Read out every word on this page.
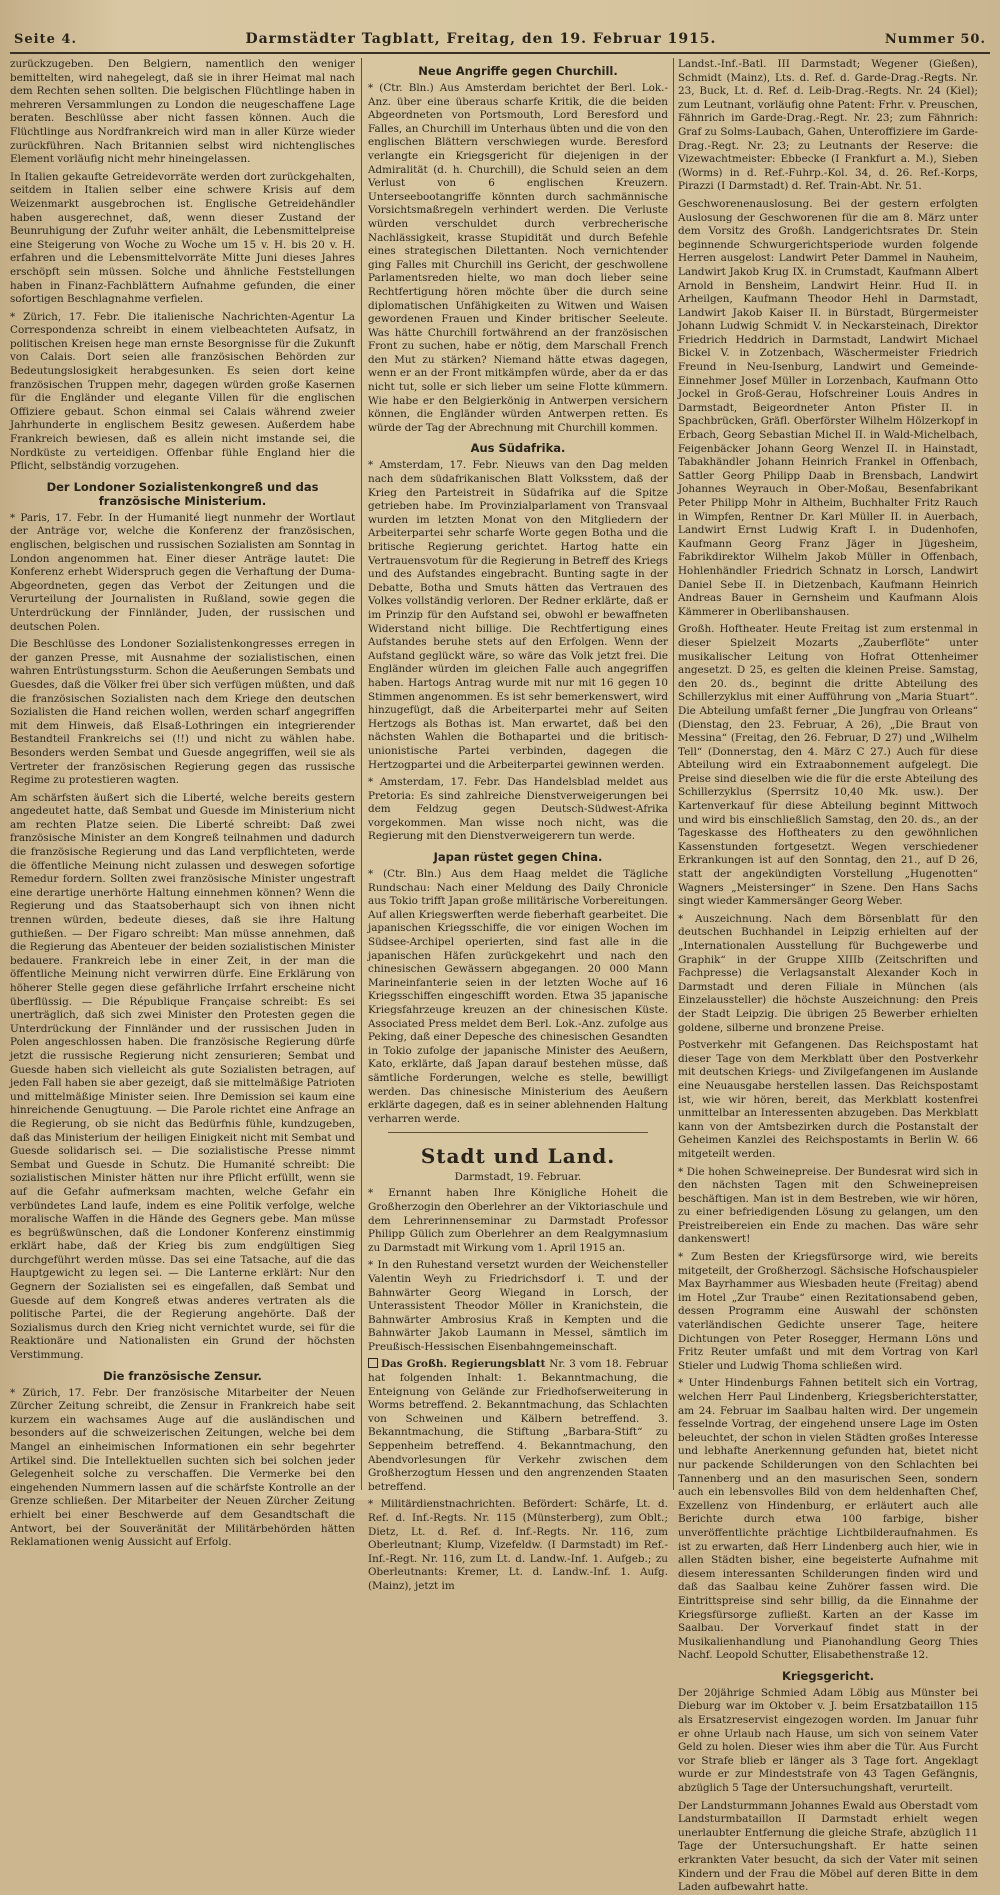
Seite 4.	Darmstädter Tagblatt, Freitag, den 19. Februar 1915.	Nummer 50.

zurückzugeben. Den Belgiern, namentlich den weniger bemittelten, wird nahegelegt, daß sie in ihrer Heimat mal nach dem Rechten sehen sollten. Die belgischen Flüchtlinge haben in mehreren Versammlungen zu London die neugeschaffene Lage beraten. Beschlüsse aber nicht fassen können. Auch die Flüchtlinge aus Nordfrankreich wird man in aller Kürze wieder zurückführen. Nach Britannien selbst wird nichtenglisches Element vorläufig nicht mehr hineingelassen.

In Italien gekaufte Getreidevorräte werden dort zurückgehalten, seitdem in Italien selber eine schwere Krisis auf dem Weizenmarkt ausgebrochen ist. Englische Getreidehändler haben ausgerechnet, daß, wenn dieser Zustand der Beunruhigung der Zufuhr weiter anhält, die Lebensmittelpreise eine Steigerung von Woche zu Woche um 15 v. H. bis 20 v. H. erfahren und die Lebensmittelvorräte Mitte Juni dieses Jahres erschöpft sein müssen. Solche und ähnliche Feststellungen haben in Finanz-Fachblättern Aufnahme gefunden, die einer sofortigen Beschlagnahme verfielen.

* Zürich, 17. Febr. Die italienische Nachrichten-Agentur La Correspondenza schreibt in einem vielbeachteten Aufsatz, in politischen Kreisen hege man ernste Besorgnisse für die Zukunft von Calais. Dort seien alle französischen Behörden zur Bedeutungslosigkeit herabgesunken. Es seien dort keine französischen Truppen mehr, dagegen würden große Kasernen für die Engländer und elegante Villen für die englischen Offiziere gebaut. Schon einmal sei Calais während zweier Jahrhunderte in englischem Besitz gewesen. Außerdem habe Frankreich bewiesen, daß es allein nicht imstande sei, die Nordküste zu verteidigen. Offenbar fühle England hier die Pflicht, selbständig vorzugehen.

Der Londoner Sozialistenkongreß und das französische Ministerium.

* Paris, 17. Febr. In der Humanité liegt nunmehr der Wortlaut der Anträge vor, welche die Konferenz der französischen, englischen, belgischen und russischen Sozialisten am Sonntag in London angenommen hat. Einer dieser Anträge lautet: Die Konferenz erhebt Widerspruch gegen die Verhaftung der Duma-Abgeordneten, gegen das Verbot der Zeitungen und die Verurteilung der Journalisten in Rußland, sowie gegen die Unterdrückung der Finnländer, Juden, der russischen und deutschen Polen.

Die Beschlüsse des Londoner Sozialistenkongresses erregen in der ganzen Presse, mit Ausnahme der sozialistischen, einen wahren Entrüstungssturm. Schon die Aeußerungen Sembats und Guesdes, daß die Völker frei über sich verfügen müßten, und daß die französischen Sozialisten nach dem Kriege den deutschen Sozialisten die Hand reichen wollen, werden scharf angegriffen mit dem Hinweis, daß Elsaß-Lothringen ein integrierender Bestandteil Frankreichs sei (!!) und nicht zu wählen habe. Besonders werden Sembat und Guesde angegriffen, weil sie als Vertreter der französischen Regierung gegen das russische Regime zu protestieren wagten.

Am schärfsten äußert sich die Liberté, welche bereits gestern angedeutet hatte, daß Sembat und Guesde im Ministerium nicht am rechten Platze seien. Die Liberté schreibt: Daß zwei französische Minister an dem Kongreß teilnahmen und dadurch die französische Regierung und das Land verpflichteten, werde die öffentliche Meinung nicht zulassen und deswegen sofortige Remedur fordern. Sollten zwei französische Minister ungestraft eine derartige unerhörte Haltung einnehmen können? Wenn die Regierung und das Staatsoberhaupt sich von ihnen nicht trennen würden, bedeute dieses, daß sie ihre Haltung guthießen. — Der Figaro schreibt: Man müsse annehmen, daß die Regierung das Abenteuer der beiden sozialistischen Minister bedauere. Frankreich lebe in einer Zeit, in der man die öffentliche Meinung nicht verwirren dürfe. Eine Erklärung von höherer Stelle gegen diese gefährliche Irrfahrt erscheine nicht überflüssig. — Die République Française schreibt: Es sei unerträglich, daß sich zwei Minister den Protesten gegen die Unterdrückung der Finnländer und der russischen Juden in Polen angeschlossen haben. Die französische Regierung dürfe jetzt die russische Regierung nicht zensurieren; Sembat und Guesde haben sich vielleicht als gute Sozialisten betragen, auf jeden Fall haben sie aber gezeigt, daß sie mittelmäßige Patrioten und mittelmäßige Minister seien. Ihre Demission sei kaum eine hinreichende Genugtuung. — Die Parole richtet eine Anfrage an die Regierung, ob sie nicht das Bedürfnis fühle, kundzugeben, daß das Ministerium der heiligen Einigkeit nicht mit Sembat und Guesde solidarisch sei. — Die sozialistische Presse nimmt Sembat und Guesde in Schutz. Die Humanité schreibt: Die sozialistischen Minister hätten nur ihre Pflicht erfüllt, wenn sie auf die Gefahr aufmerksam machten, welche Gefahr ein verbündetes Land laufe, indem es eine Politik verfolge, welche moralische Waffen in die Hände des Gegners gebe. Man müsse es begrüßwünschen, daß die Londoner Konferenz einstimmig erklärt habe, daß der Krieg bis zum endgültigen Sieg durchgeführt werden müsse. Das sei eine Tatsache, auf die das Hauptgewicht zu legen sei. — Die Lanterne erklärt: Nur den Gegnern der Sozialisten sei es eingefallen, daß Sembat und Guesde auf dem Kongreß etwas anderes vertraten als die politische Partei, die der Regierung angehörte. Daß der Sozialismus durch den Krieg nicht vernichtet wurde, sei für die Reaktionäre und Nationalisten ein Grund der höchsten Verstimmung.

Die französische Zensur.

* Zürich, 17. Febr. Der französische Mitarbeiter der Neuen Zürcher Zeitung schreibt, die Zensur in Frankreich habe seit kurzem ein wachsames Auge auf die ausländischen und besonders auf die schweizerischen Zeitungen, welche bei dem Mangel an einheimischen Informationen ein sehr begehrter Artikel sind. Die Intellektuellen suchten sich bei solchen jeder Gelegenheit solche zu verschaffen. Die Vermerke bei den eingehenden Nummern lassen auf die schärfste Kontrolle an der Grenze schließen. Der Mitarbeiter der Neuen Zürcher Zeitung erhielt bei einer Beschwerde auf dem Gesandtschaft die Antwort, bei der Souveränität der Militärbehörden hätten Reklamationen wenig Aussicht auf Erfolg.

Neue Angriffe gegen Churchill.

* (Ctr. Bln.) Aus Amsterdam berichtet der Berl. Lok.-Anz. über eine überaus scharfe Kritik, die die beiden Abgeordneten von Portsmouth, Lord Beresford und Falles, an Churchill im Unterhaus übten und die von den englischen Blättern verschwiegen wurde. Beresford verlangte ein Kriegsgericht für diejenigen in der Admiralität (d. h. Churchill), die Schuld seien an dem Verlust von 6 englischen Kreuzern. Unterseebootangriffe könnten durch sachmännische Vorsichtsmaßregeln verhindert werden. Die Verluste würden verschuldet durch verbrecherische Nachlässigkeit, krasse Stupidität und durch Befehle eines strategischen Dilettanten. Noch vernichtender ging Falles mit Churchill ins Gericht, der geschwollene Parlamentsreden hielte, wo man doch lieber seine Rechtfertigung hören möchte über die durch seine diplomatischen Unfähigkeiten zu Witwen und Waisen gewordenen Frauen und Kinder britischer Seeleute. Was hätte Churchill fortwährend an der französischen Front zu suchen, habe er nötig, dem Marschall French den Mut zu stärken? Niemand hätte etwas dagegen, wenn er an der Front mitkämpfen würde, aber da er das nicht tut, solle er sich lieber um seine Flotte kümmern. Wie habe er den Belgierkönig in Antwerpen versichern können, die Engländer würden Antwerpen retten. Es würde der Tag der Abrechnung mit Churchill kommen.

Aus Südafrika.

* Amsterdam, 17. Febr. Nieuws van den Dag melden nach dem südafrikanischen Blatt Volksstem, daß der Krieg den Parteistreit in Südafrika auf die Spitze getrieben habe. Im Provinzialparlament von Transvaal wurden im letzten Monat von den Mitgliedern der Arbeiterpartei sehr scharfe Worte gegen Botha und die britische Regierung gerichtet. Hartog hatte ein Vertrauensvotum für die Regierung in Betreff des Kriegs und des Aufstandes eingebracht. Bunting sagte in der Debatte, Botha und Smuts hätten das Vertrauen des Volkes vollständig verloren. Der Redner erklärte, daß er im Prinzip für den Aufstand sei, obwohl er bewaffneten Widerstand nicht billige. Die Rechtfertigung eines Aufstandes beruhe stets auf den Erfolgen. Wenn der Aufstand geglückt wäre, so wäre das Volk jetzt frei. Die Engländer würden im gleichen Falle auch angegriffen haben. Hartogs Antrag wurde mit nur mit 16 gegen 10 Stimmen angenommen. Es ist sehr bemerkenswert, wird hinzugefügt, daß die Arbeiterpartei mehr auf Seiten Hertzogs als Bothas ist. Man erwartet, daß bei den nächsten Wahlen die Bothapartei und die britisch-unionistische Partei verbinden, dagegen die Hertzogpartei und die Arbeiterpartei gewinnen werden.

* Amsterdam, 17. Febr. Das Handelsblad meldet aus Pretoria: Es sind zahlreiche Dienstverweigerungen bei dem Feldzug gegen Deutsch-Südwest-Afrika vorgekommen. Man wisse noch nicht, was die Regierung mit den Dienstverweigerern tun werde.

Japan rüstet gegen China.

* (Ctr. Bln.) Aus dem Haag meldet die Tägliche Rundschau: Nach einer Meldung des Daily Chronicle aus Tokio trifft Japan große militärische Vorbereitungen. Auf allen Kriegswerften werde fieberhaft gearbeitet. Die japanischen Kriegsschiffe, die vor einigen Wochen im Südsee-Archipel operierten, sind fast alle in die japanischen Häfen zurückgekehrt und nach den chinesischen Gewässern abgegangen. 20 000 Mann Marineinfanterie seien in der letzten Woche auf 16 Kriegsschiffen eingeschifft worden. Etwa 35 japanische Kriegsfahrzeuge kreuzen an der chinesischen Küste. Associated Press meldet dem Berl. Lok.-Anz. zufolge aus Peking, daß einer Depesche des chinesischen Gesandten in Tokio zufolge der japanische Minister des Aeußern, Kato, erklärte, daß Japan darauf bestehen müsse, daß sämtliche Forderungen, welche es stelle, bewilligt werden. Das chinesische Ministerium des Aeußern erklärte dagegen, daß es in seiner ablehnenden Haltung verharren werde.

Stadt und Land.
Darmstadt, 19. Februar.

* Ernannt haben Ihre Königliche Hoheit die Großherzogin den Oberlehrer an der Viktoriaschule und dem Lehrerinnenseminar zu Darmstadt Professor Philipp Gülich zum Oberlehrer an dem Realgymnasium zu Darmstadt mit Wirkung vom 1. April 1915 an.

* In den Ruhestand versetzt wurden der Weichensteller Valentin Weyh zu Friedrichsdorf i. T. und der Bahnwärter Georg Wiegand in Lorsch, der Unterassistent Theodor Möller in Kranichstein, die Bahnwärter Ambrosius Kraß in Kempten und die Bahnwärter Jakob Laumann in Messel, sämtlich im Preußisch-Hessischen Eisenbahngemeinschaft.

Das Großh. Regierungsblatt Nr. 3 vom 18. Februar hat folgenden Inhalt: 1. Bekanntmachung, die Enteignung von Gelände zur Friedhofserweiterung in Worms betreffend. 2. Bekanntmachung, das Schlachten von Schweinen und Kälbern betreffend. 3. Bekanntmachung, die Stiftung „Barbara-Stift“ zu Seppenheim betreffend. 4. Bekanntmachung, den Abendvorlesungen für Verkehr zwischen dem Großherzogtum Hessen und den angrenzenden Staaten betreffend.

* Militärdienstnachrichten. Befördert: Schärfe, Lt. d. Ref. d. Inf.-Regts. Nr. 115 (Münsterberg), zum Oblt.; Dietz, Lt. d. Ref. d. Inf.-Regts. Nr. 116, zum Oberleutnant; Klump, Vizefeldw. (I Darmstadt) im Ref.-Inf.-Regt. Nr. 116, zum Lt. d. Landw.-Inf. 1. Aufgeb.; zu Oberleutnants: Kremer, Lt. d. Landw.-Inf. 1. Aufg. (Mainz), jetzt im

Landst.-Inf.-Batl. III Darmstadt; Wegener (Gießen), Schmidt (Mainz), Lts. d. Ref. d. Garde-Drag.-Regts. Nr. 23, Buck, Lt. d. Ref. d. Leib-Drag.-Regts. Nr. 24 (Kiel); zum Leutnant, vorläufig ohne Patent: Frhr. v. Preuschen, Fähnrich im Garde-Drag.-Regt. Nr. 23; zum Fähnrich: Graf zu Solms-Laubach, Gahen, Unteroffiziere im Garde-Drag.-Regt. Nr. 23; zu Leutnants der Reserve: die Vizewachtmeister: Ebbecke (I Frankfurt a. M.), Sieben (Worms) in d. Ref.-Fuhrp.-Kol. 34, d. 26. Ref.-Korps, Pirazzi (I Darmstadt) d. Ref. Train-Abt. Nr. 51.

Geschworenenauslosung. Bei der gestern erfolgten Auslosung der Geschworenen für die am 8. März unter dem Vorsitz des Großh. Landgerichtsrates Dr. Stein beginnende Schwurgerichtsperiode wurden folgende Herren ausgelost: Landwirt Peter Dammel in Nauheim, Landwirt Jakob Krug IX. in Crumstadt, Kaufmann Albert Arnold in Bensheim, Landwirt Heinr. Hud II. in Arheilgen, Kaufmann Theodor Hehl in Darmstadt, Landwirt Jakob Kaiser II. in Bürstadt, Bürgermeister Johann Ludwig Schmidt V. in Neckarsteinach, Direktor Friedrich Heddrich in Darmstadt, Landwirt Michael Bickel V. in Zotzenbach, Wäschermeister Friedrich Freund in Neu-Isenburg, Landwirt und Gemeinde-Einnehmer Josef Müller in Lorzenbach, Kaufmann Otto Jockel in Groß-Gerau, Hofschreiner Louis Andres in Darmstadt, Beigeordneter Anton Pfister II. in Spachbrücken, Gräfl. Oberförster Wilhelm Hölzerkopf in Erbach, Georg Sebastian Michel II. in Wald-Michelbach, Feigenbäcker Johann Georg Wenzel II. in Hainstadt, Tabakhändler Johann Heinrich Frankel in Offenbach, Sattler Georg Philipp Daab in Brensbach, Landwirt Johannes Weyrauch in Ober-Moßau, Besenfabrikant Peter Philipp Mohr in Altheim, Buchhalter Fritz Rauch in Wimpfen, Rentner Dr. Karl Müller II. in Auerbach, Landwirt Ernst Ludwig Kraft I. in Dudenhofen, Kaufmann Georg Franz Jäger in Jügesheim, Fabrikdirektor Wilhelm Jakob Müller in Offenbach, Hohlenhändler Friedrich Schnatz in Lorsch, Landwirt Daniel Sebe II. in Dietzenbach, Kaufmann Heinrich Andreas Bauer in Gernsheim und Kaufmann Alois Kämmerer in Oberlibanshausen.

Großh. Hoftheater. Heute Freitag ist zum erstenmal in dieser Spielzeit Mozarts „Zauberflöte“ unter musikalischer Leitung von Hofrat Ottenheimer angesetzt. D 25, es gelten die kleinen Preise. Samstag, den 20. ds., beginnt die dritte Abteilung des Schillerzyklus mit einer Aufführung von „Maria Stuart“. Die Abteilung umfaßt ferner „Die Jungfrau von Orleans“ (Dienstag, den 23. Februar, A 26), „Die Braut von Messina“ (Freitag, den 26. Februar, D 27) und „Wilhelm Tell“ (Donnerstag, den 4. März C 27.) Auch für diese Abteilung wird ein Extraabonnement aufgelegt. Die Preise sind dieselben wie die für die erste Abteilung des Schillerzyklus (Sperrsitz 10,40 Mk. usw.). Der Kartenverkauf für diese Abteilung beginnt Mittwoch und wird bis einschließlich Samstag, den 20. ds., an der Tageskasse des Hoftheaters zu den gewöhnlichen Kassenstunden fortgesetzt. Wegen verschiedener Erkrankungen ist auf den Sonntag, den 21., auf D 26, statt der angekündigten Vorstellung „Hugenotten“ Wagners „Meistersinger“ in Szene. Den Hans Sachs singt wieder Kammersänger Georg Weber.

* Auszeichnung. Nach dem Börsenblatt für den deutschen Buchhandel in Leipzig erhielten auf der „Internationalen Ausstellung für Buchgewerbe und Graphik“ in der Gruppe XIIIb (Zeitschriften und Fachpresse) die Verlagsanstalt Alexander Koch in Darmstadt und deren Filiale in München (als Einzelaussteller) die höchste Auszeichnung: den Preis der Stadt Leipzig. Die übrigen 25 Bewerber erhielten goldene, silberne und bronzene Preise.

Postverkehr mit Gefangenen. Das Reichspostamt hat dieser Tage von dem Merkblatt über den Postverkehr mit deutschen Kriegs- und Zivilgefangenen im Auslande eine Neuausgabe herstellen lassen. Das Reichspostamt ist, wie wir hören, bereit, das Merkblatt kostenfrei unmittelbar an Interessenten abzugeben. Das Merkblatt kann von der Amtsbezirken durch die Postanstalt der Geheimen Kanzlei des Reichspostamts in Berlin W. 66 mitgeteilt werden.

* Die hohen Schweinepreise. Der Bundesrat wird sich in den nächsten Tagen mit den Schweinepreisen beschäftigen. Man ist in dem Bestreben, wie wir hören, zu einer befriedigenden Lösung zu gelangen, um den Preistreibereien ein Ende zu machen. Das wäre sehr dankenswert!

* Zum Besten der Kriegsfürsorge wird, wie bereits mitgeteilt, der Großherzogl. Sächsische Hofschauspieler Max Bayrhammer aus Wiesbaden heute (Freitag) abend im Hotel „Zur Traube“ einen Rezitationsabend geben, dessen Programm eine Auswahl der schönsten vaterländischen Gedichte unserer Tage, heitere Dichtungen von Peter Rosegger, Hermann Löns und Fritz Reuter umfaßt und mit dem Vortrag von Karl Stieler und Ludwig Thoma schließen wird.

* Unter Hindenburgs Fahnen betitelt sich ein Vortrag, welchen Herr Paul Lindenberg, Kriegsberichterstatter, am 24. Februar im Saalbau halten wird. Der ungemein fesselnde Vortrag, der eingehend unsere Lage im Osten beleuchtet, der schon in vielen Städten großes Interesse und lebhafte Anerkennung gefunden hat, bietet nicht nur packende Schilderungen von den Schlachten bei Tannenberg und an den masurischen Seen, sondern auch ein lebensvolles Bild von dem heldenhaften Chef, Exzellenz von Hindenburg, er erläutert auch alle Berichte durch etwa 100 farbige, bisher unveröffentlichte prächtige Lichtbilderaufnahmen. Es ist zu erwarten, daß Herr Lindenberg auch hier, wie in allen Städten bisher, eine begeisterte Aufnahme mit diesem interessanten Schilderungen finden wird und daß das Saalbau keine Zuhörer fassen wird. Die Eintrittspreise sind sehr billig, da die Einnahme der Kriegsfürsorge zufließt. Karten an der Kasse im Saalbau. Der Vorverkauf findet statt in der Musikalienhandlung und Pianohandlung Georg Thies Nachf. Leopold Schutter, Elisabethenstraße 12.

Kriegsgericht.

Der 20jährige Schmied Adam Löbig aus Münster bei Dieburg war im Oktober v. J. beim Ersatzbataillon 115 als Ersatzreservist eingezogen worden. Im Januar fuhr er ohne Urlaub nach Hause, um sich von seinem Vater Geld zu holen. Dieser wies ihm aber die Tür. Aus Furcht vor Strafe blieb er länger als 3 Tage fort. Angeklagt wurde er zur Mindeststrafe von 43 Tagen Gefängnis, abzüglich 5 Tage der Untersuchungshaft, verurteilt.

Der Landsturmmann Johannes Ewald aus Oberstadt vom Landsturmbataillon II Darmstadt erhielt wegen unerlaubter Entfernung die gleiche Strafe, abzüglich 11 Tage der Untersuchungshaft. Er hatte seinen erkrankten Vater besucht, da sich der Vater mit seinen Kindern und der Frau die Möbel auf deren Bitte in dem Laden aufbewahrt hatte.
